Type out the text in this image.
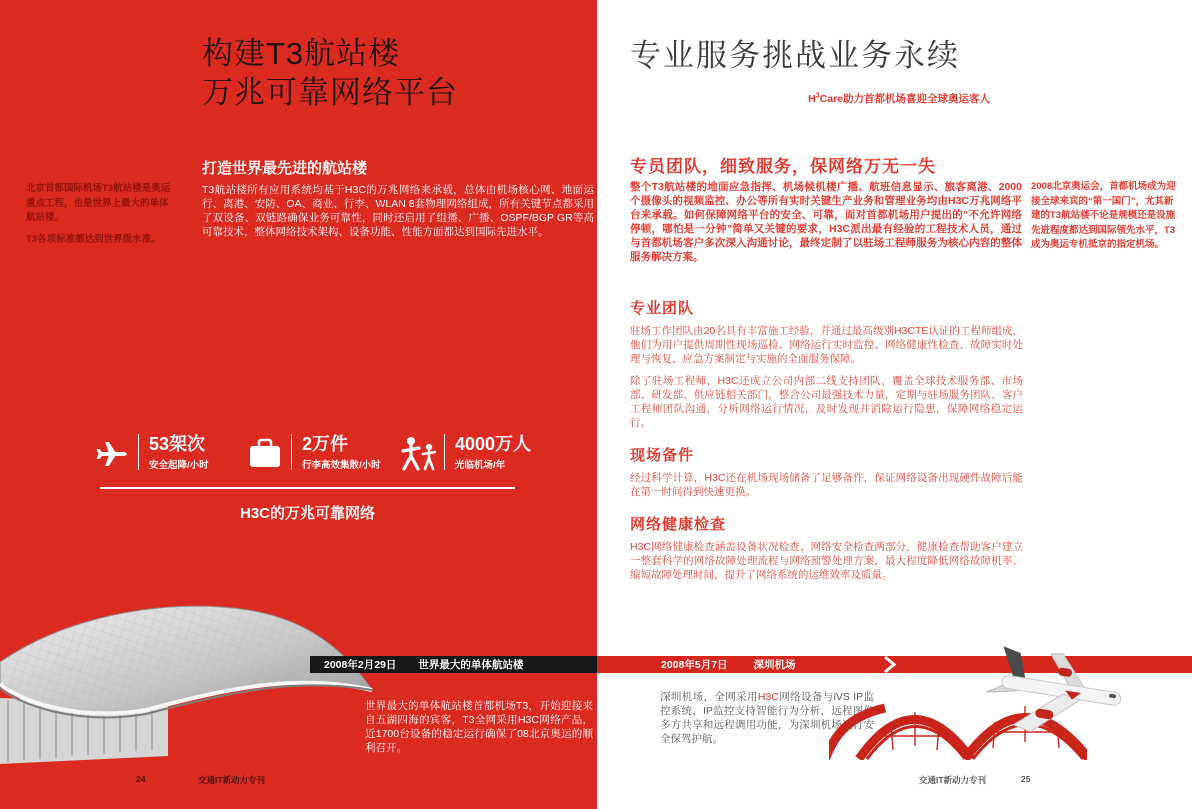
构建T3航站楼
万兆可靠网络平台

北京首都国际机场T3航站楼是奥运重点工程，也是世界上最大的单体航站楼。

T3各项标准都达到世界级水准。

打造世界最先进的航站楼
T3航站楼所有应用系统均基于H3C的万兆网络来承载，总体由机场核心网、地面运行、离港、安防、OA、商业、行李、WLAN 8套物理网络组成，所有关键节点都采用了双设备、双链路确保业务可靠性，同时还启用了组播、广播、OSPF/BGP GR等高可靠技术，整体网络技术架构、设备功能、性能方面都达到国际先进水平。
53架次
安全起降/小时
2万件
行李高效集散/小时
4000万人
光临机场/年
H3C的万兆可靠网络
2008年2月29日 世界最大的单体航站楼
世界最大的单体航站楼首都机场T3，开始迎接来自五湖四海的宾客，T3全网采用H3C网络产品，近1700台设备的稳定运行确保了08北京奥运的顺利召开。
24	交通IT新动力专刊
专业服务挑战业务永续
$H^3Care$助力首都机场喜迎全球奥运客人
专员团队，细致服务，保网络万无一失
整个T3航站楼的地面应急指挥、机场候机楼广播、航班信息显示、旅客离港、2000个摄像头的视频监控、办公等所有实时关键生产业务和管理业务均由H3C万兆网络平台来承载。如何保障网络平台的安全、可靠，面对首都机场用户提出的“不允许网络停顿，哪怕是一分钟”简单又关键的要求，H3C派出最有经验的工程技术人员，通过与首都机场客户多次深入沟通讨论，最终定制了以驻场工程师服务为核心内容的整体服务解决方案。
2008北京奥运会，首都机场成为迎接全球来宾的“第一国门”，尤其新建的T3航站楼不论是规模还是设施先进程度都达到国际领先水平，T3成为奥运专机抵京的指定机场。
专业团队

驻场工作团队由20名具有丰富施工经验，并通过最高级别H3CTE认证的工程师组成，他们为用户提供周期性现场巡检、网络运行实时监控、网络健康性检查、故障实时处理与恢复、应急方案制定与实施的全面服务保障。

除了驻场工程师，H3C还成立公司内部二线支持团队，覆盖全球技术服务部、市场部、研发部、供应链相关部门，整合公司最强技术力量，定期与驻场服务团队、客户工程师团队沟通，分析网络运行情况，及时发现并消除运行隐患，保障网络稳定运行。

现场备件

经过科学计算，H3C还在机场现场储备了足够备件，保证网络设备出现硬件故障后能在第一时间得到快速更换。

网络健康检查

H3C网络健康检查涵盖设备状况检查、网络安全检查两部分，健康检查帮助客户建立一整套科学的网络故障处理流程与网络预警处理方案，最大程度降低网络故障机率、缩短故障处理时间、提升了网络系统的运维效率及质量。

2008年5月7日 深圳机场
深圳机场，全网采用H3C网络设备与iVS IP监控系统，IP监控支持智能行为分析，远程图像多方共享和远程调用功能，为深圳机场运行安全保驾护航。
交通IT新动力专刊	25
